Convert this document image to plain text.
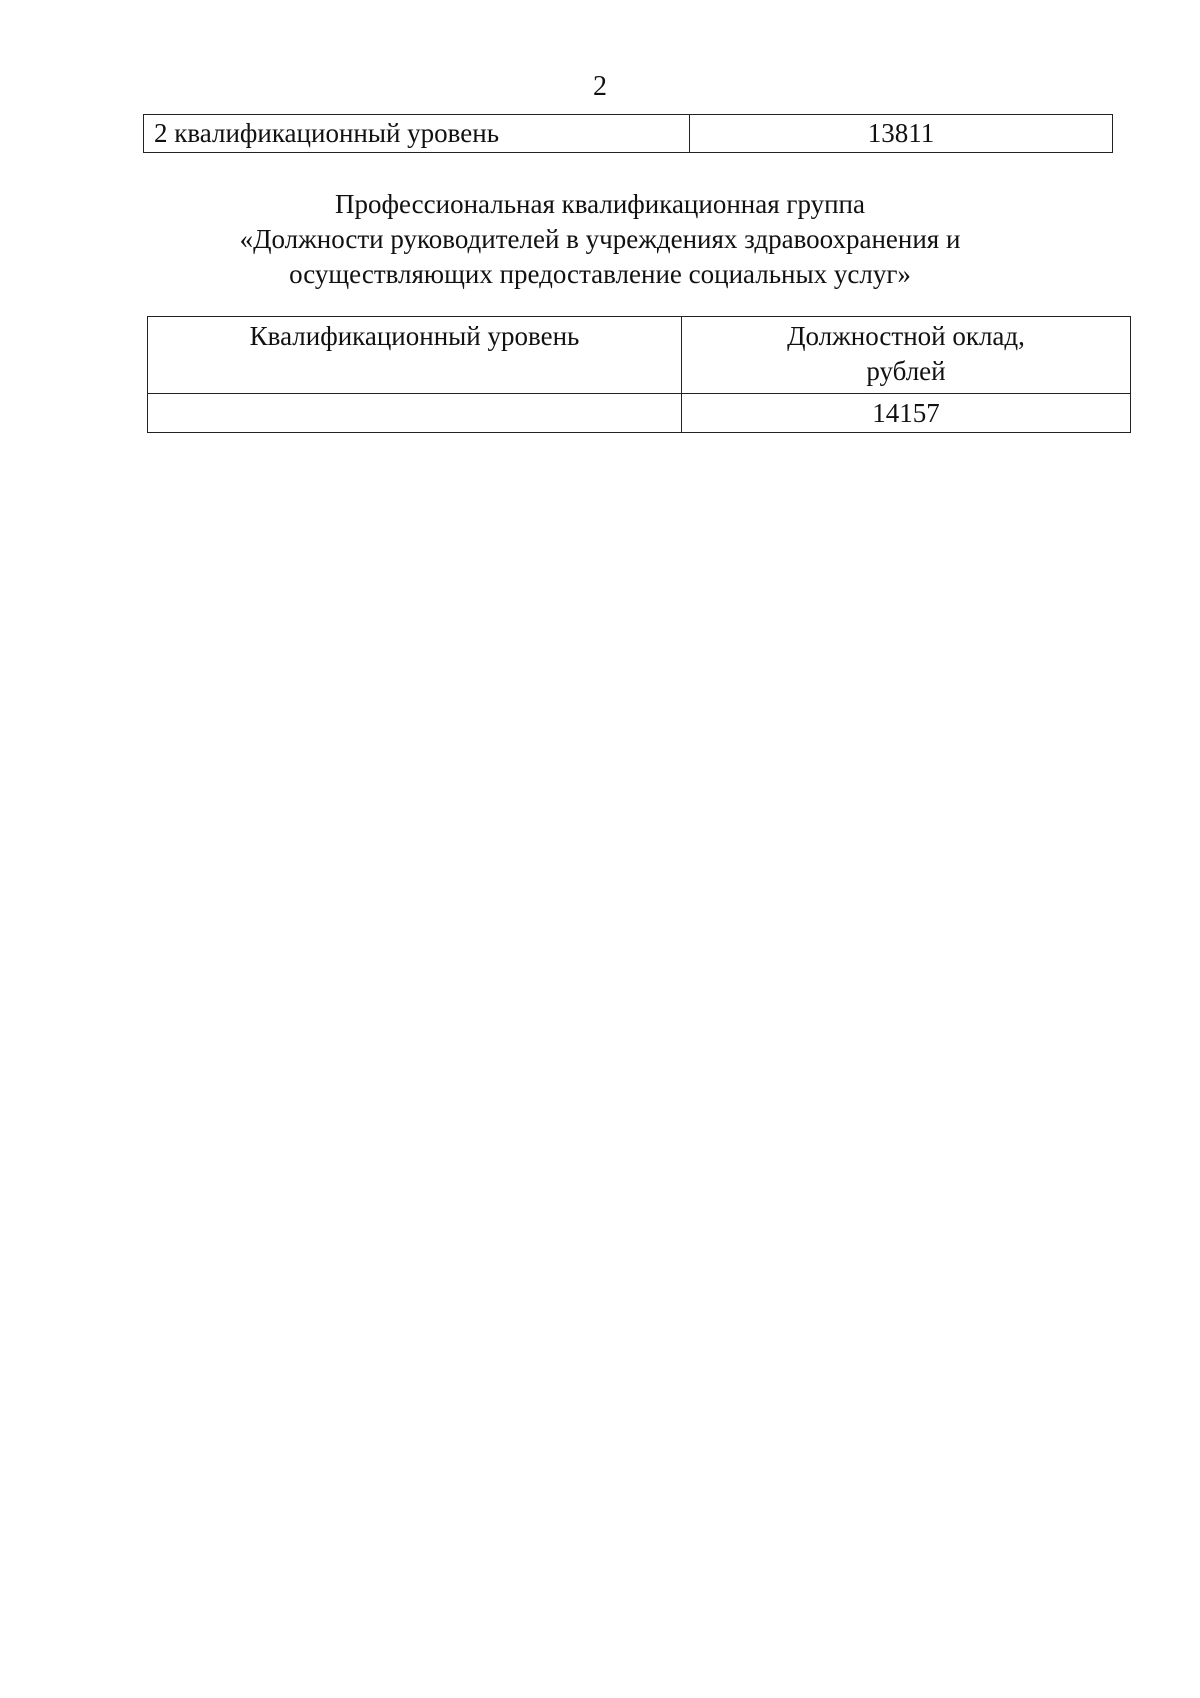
2
2 квалификационный уровень	13811
Профессиональная квалификационная группа
«Должности руководителей в учреждениях здравоохранения и
осуществляющих предоставление социальных услуг»
Квалификационный уровень	Должностной оклад,
рублей

	14157
